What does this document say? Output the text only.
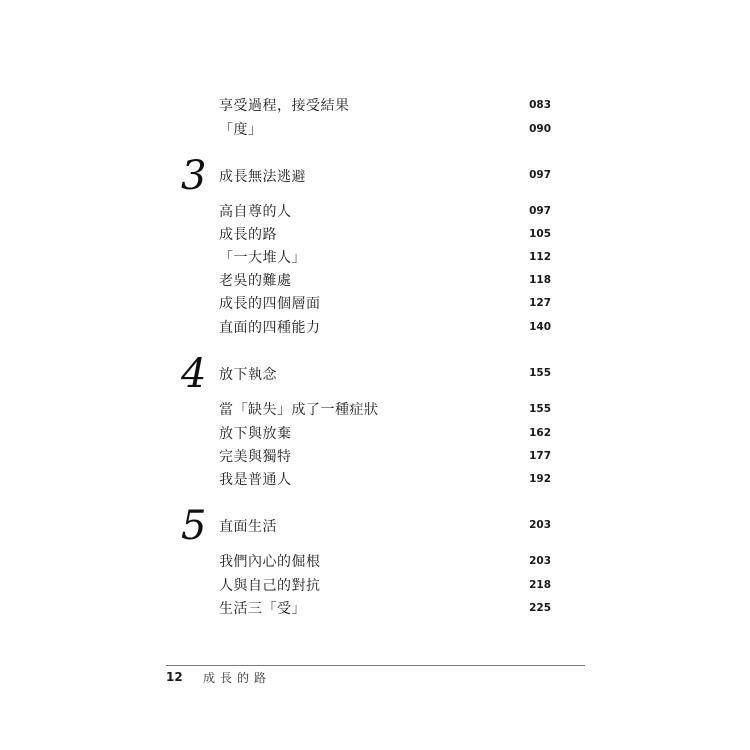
享受過程，接受結果	083
「度」	090
3 成長無法逃避	097
高自尊的人	097
成長的路	105
「一大堆人」	112
老吳的難處	118
成長的四個層面	127
直面的四種能力	140
4 放下執念	155
當「缺失」成了一種症狀	155
放下與放棄	162
完美與獨特	177
我是普通人	192
5 直面生活	203
我們內心的倔根	203
人與自己的對抗	218
生活三「受」	225
12 成長的路
